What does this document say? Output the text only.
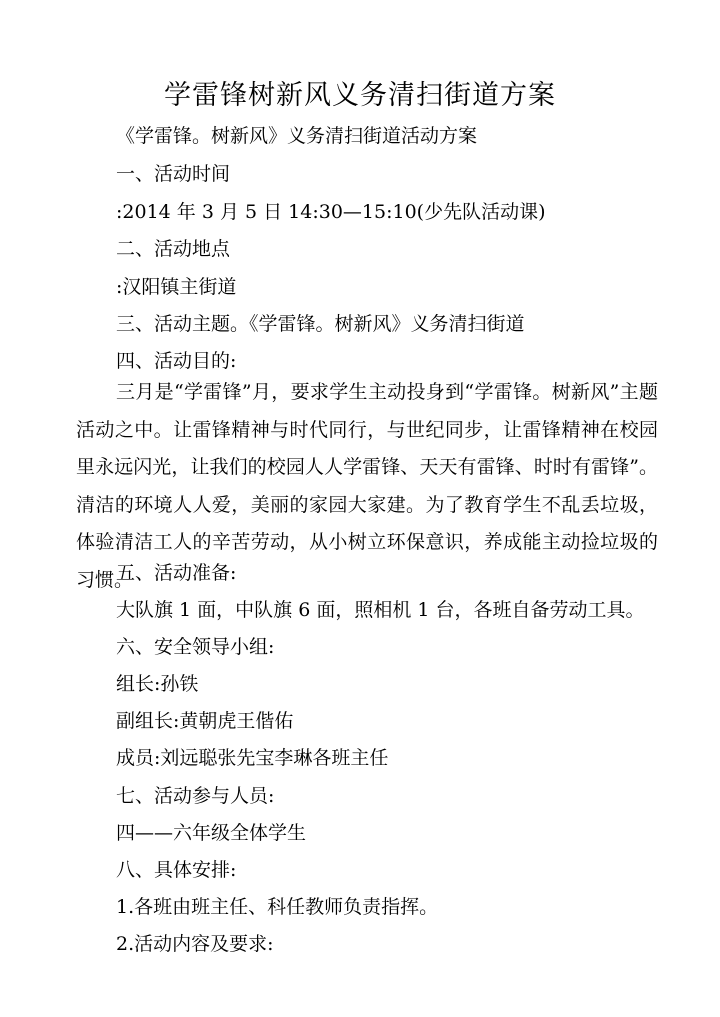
学雷锋树新风义务清扫街道方案
《学雷锋。树新风》义务清扫街道活动方案
一、活动时间
:2014 年 3 月 5 日 14:30—15:10(少先队活动课)
二、活动地点
:汉阳镇主街道
三、活动主题。《学雷锋。树新风》义务清扫街道
四、活动目的:
三月是“学雷锋”月，要求学生主动投身到“学雷锋。树新风”主题活动之中。让雷锋精神与时代同行，与世纪同步，让雷锋精神在校园里永远闪光，让我们的校园人人学雷锋、天天有雷锋、时时有雷锋”。清洁的环境人人爱，美丽的家园大家建。为了教育学生不乱丢垃圾，体验清洁工人的辛苦劳动，从小树立环保意识，养成能主动捡垃圾的习惯。
五、活动准备:
大队旗 1 面，中队旗 6 面，照相机 1 台，各班自备劳动工具。
六、安全领导小组:
组长:孙铁
副组长:黄朝虎王偕佑
成员:刘远聪张先宝李琳各班主任
七、活动参与人员:
四——六年级全体学生
八、具体安排:
1.各班由班主任、科任教师负责指挥。
2.活动内容及要求:
